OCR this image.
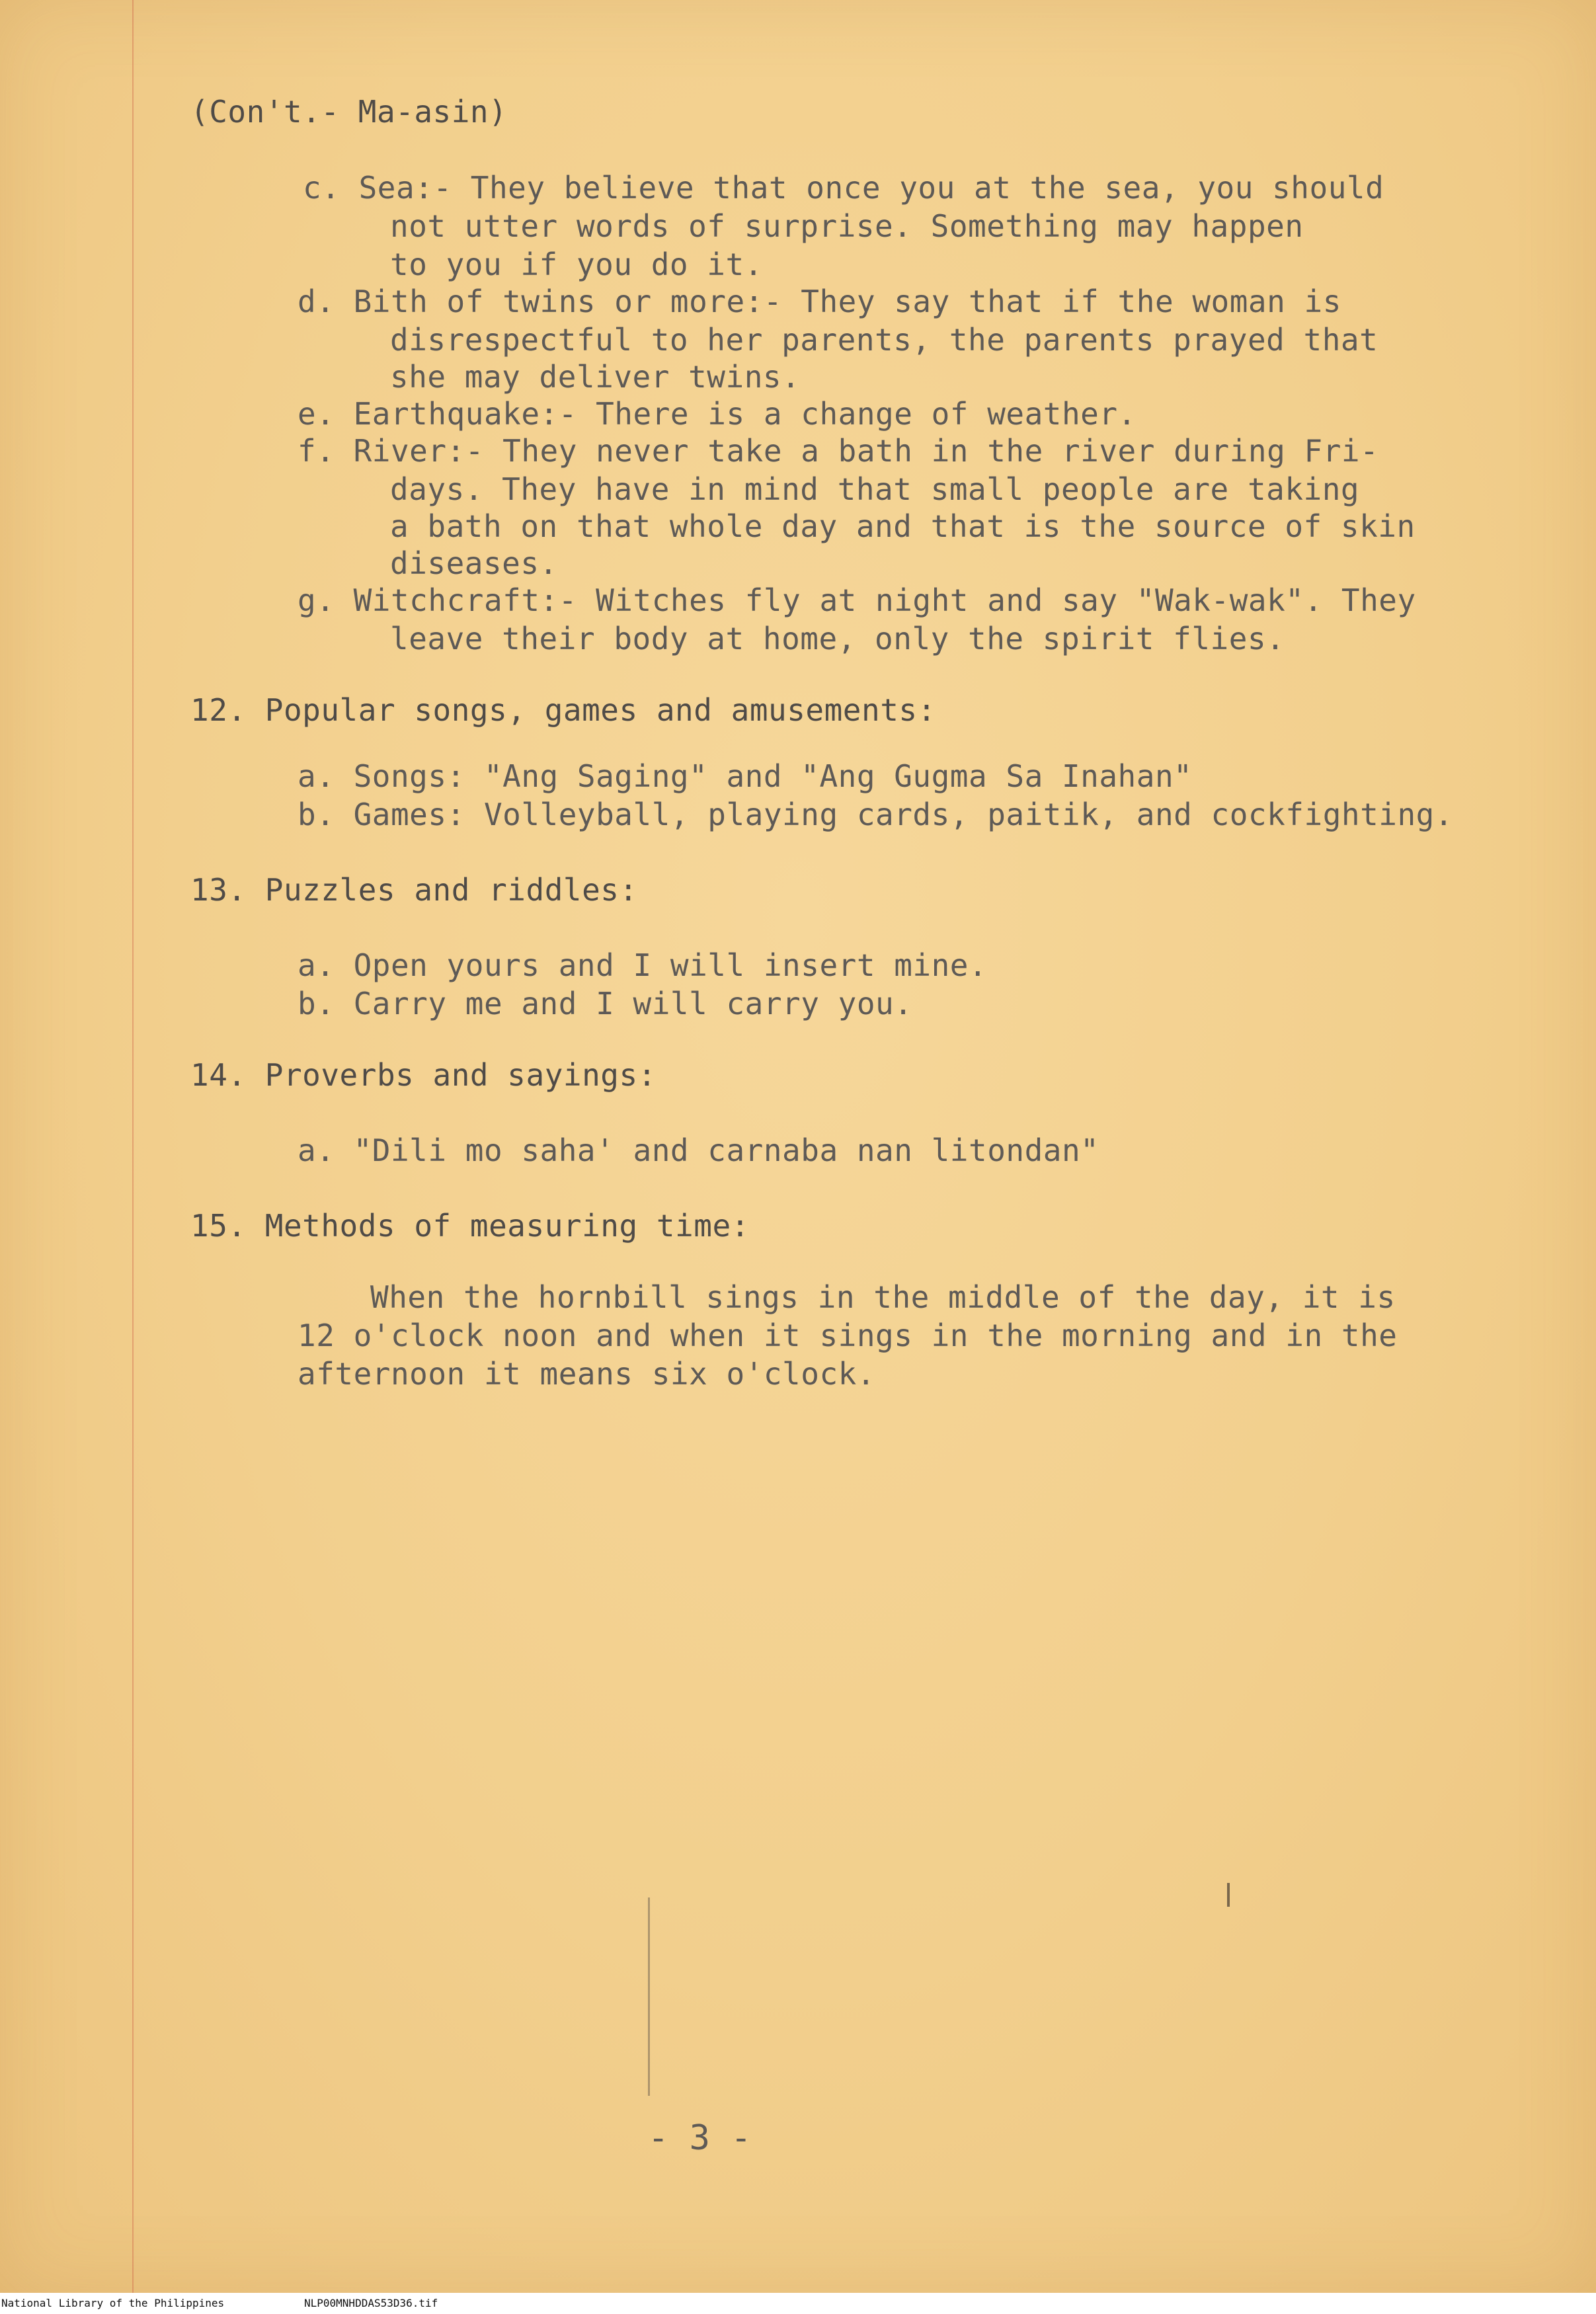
(Con't.- Ma-asin)
c. Sea:- They believe that once you at the sea, you should
not utter words of surprise. Something may happen
to you if you do it.
d. Bith of twins or more:- They say that if the woman is
disrespectful to her parents, the parents prayed that
she may deliver twins.
e. Earthquake:- There is a change of weather.
f. River:- They never take a bath in the river during Fri-
days. They have in mind that small people are taking
a bath on that whole day and that is the source of skin
diseases.
g. Witchcraft:- Witches fly at night and say "Wak-wak". They
leave their body at home, only the spirit flies.
12. Popular songs, games and amusements:
a. Songs: "Ang Saging" and "Ang Gugma Sa Inahan"
b. Games: Volleyball, playing cards, paitik, and cockfighting.
13. Puzzles and riddles:
a. Open yours and I will insert mine.
b. Carry me and I will carry you.
14. Proverbs and sayings:
a. "Dili mo saha' and carnaba nan litondan"
15. Methods of measuring time:
When the hornbill sings in the middle of the day, it is
12 o'clock noon and when it sings in the morning and in the
afternoon it means six o'clock.
- 3 -
National Library of the Philippines	NLP00MNHDDAS53D36.tif
